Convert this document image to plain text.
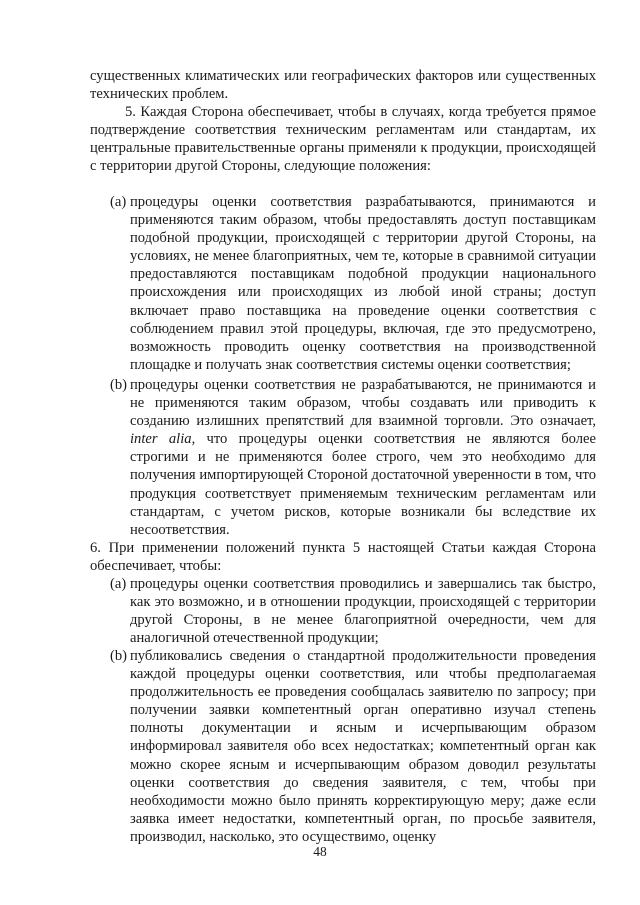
существенных климатических или географических факторов или существенных технических проблем.

5. Каждая Сторона обеспечивает, чтобы в случаях, когда требуется прямое подтверждение соответствия техническим регламентам или стандартам, их центральные правительственные органы применяли к продукции, происходящей с территории другой Стороны, следующие положения:

(a) процедуры оценки соответствия разрабатываются, принимаются и применяются таким образом, чтобы предоставлять доступ поставщикам подобной продукции, происходящей с территории другой Стороны, на условиях, не менее благоприятных, чем те, которые в сравнимой ситуации предоставляются поставщикам подобной продукции национального происхождения или происходящих из любой иной страны; доступ включает право поставщика на проведение оценки соответствия с соблюдением правил этой процедуры, включая, где это предусмотрено, возможность проводить оценку соответствия на производственной площадке и получать знак соответствия системы оценки соответствия;

(b) процедуры оценки соответствия не разрабатываются, не принимаются и не применяются таким образом, чтобы создавать или приводить к созданию излишних препятствий для взаимной торговли. Это означает, inter alia, что процедуры оценки соответствия не являются более строгими и не применяются более строго, чем это необходимо для получения импортирующей Стороной достаточной уверенности в том, что продукция соответствует применяемым техническим регламентам или стандартам, с учетом рисков, которые возникали бы вследствие их несоответствия.

6. При применении положений пункта 5 настоящей Статьи каждая Сторона обеспечивает, чтобы:

(a) процедуры оценки соответствия проводились и завершались так быстро, как это возможно, и в отношении продукции, происходящей с территории другой Стороны, в не менее благоприятной очередности, чем для аналогичной отечественной продукции;

(b) публиковались сведения о стандартной продолжительности проведения каждой процедуры оценки соответствия, или чтобы предполагаемая продолжительность ее проведения сообщалась заявителю по запросу; при получении заявки компетентный орган оперативно изучал степень полноты документации и ясным и исчерпывающим образом информировал заявителя обо всех недостатках; компетентный орган как можно скорее ясным и исчерпывающим образом доводил результаты оценки соответствия до сведения заявителя, с тем, чтобы при необходимости можно было принять корректирующую меру; даже если заявка имеет недостатки, компетентный орган, по просьбе заявителя, производил, насколько, это осуществимо, оценку

48
